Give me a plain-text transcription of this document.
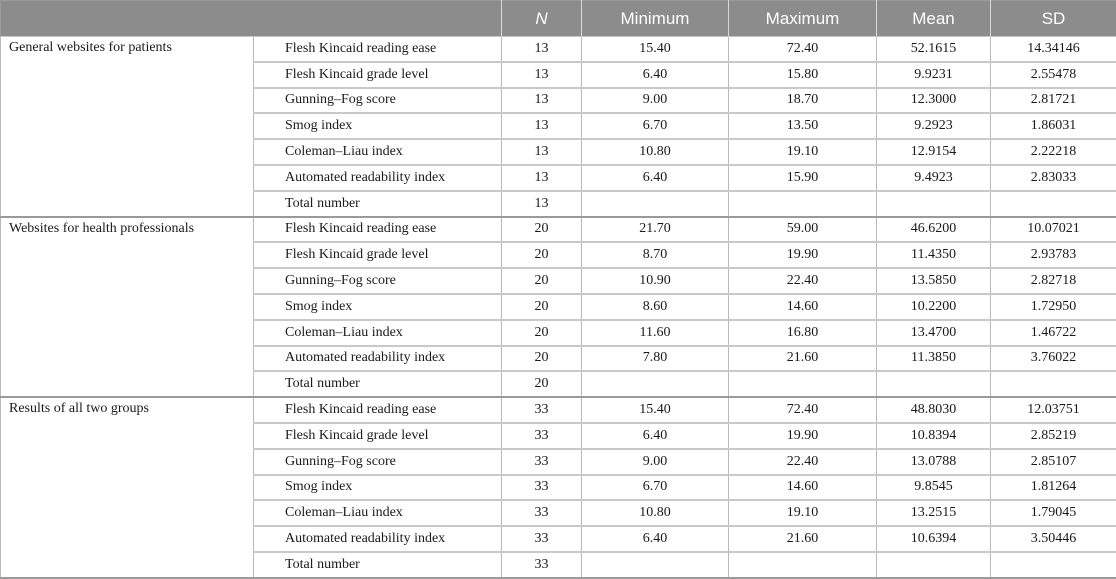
		N	Minimum	Maximum	Mean	SD
General websites for patients	Flesh Kincaid reading ease	13	15.40	72.40	52.1615	14.34146
	Flesh Kincaid grade level	13	6.40	15.80	9.9231	2.55478
	Gunning–Fog score	13	9.00	18.70	12.3000	2.81721
	Smog index	13	6.70	13.50	9.2923	1.86031
	Coleman–Liau index	13	10.80	19.10	12.9154	2.22218
	Automated readability index	13	6.40	15.90	9.4923	2.83033
	Total number	13				
Websites for health professionals	Flesh Kincaid reading ease	20	21.70	59.00	46.6200	10.07021
	Flesh Kincaid grade level	20	8.70	19.90	11.4350	2.93783
	Gunning–Fog score	20	10.90	22.40	13.5850	2.82718
	Smog index	20	8.60	14.60	10.2200	1.72950
	Coleman–Liau index	20	11.60	16.80	13.4700	1.46722
	Automated readability index	20	7.80	21.60	11.3850	3.76022
	Total number	20				
Results of all two groups	Flesh Kincaid reading ease	33	15.40	72.40	48.8030	12.03751
	Flesh Kincaid grade level	33	6.40	19.90	10.8394	2.85219
	Gunning–Fog score	33	9.00	22.40	13.0788	2.85107
	Smog index	33	6.70	14.60	9.8545	1.81264
	Coleman–Liau index	33	10.80	19.10	13.2515	1.79045
	Automated readability index	33	6.40	21.60	10.6394	3.50446
	Total number	33				
